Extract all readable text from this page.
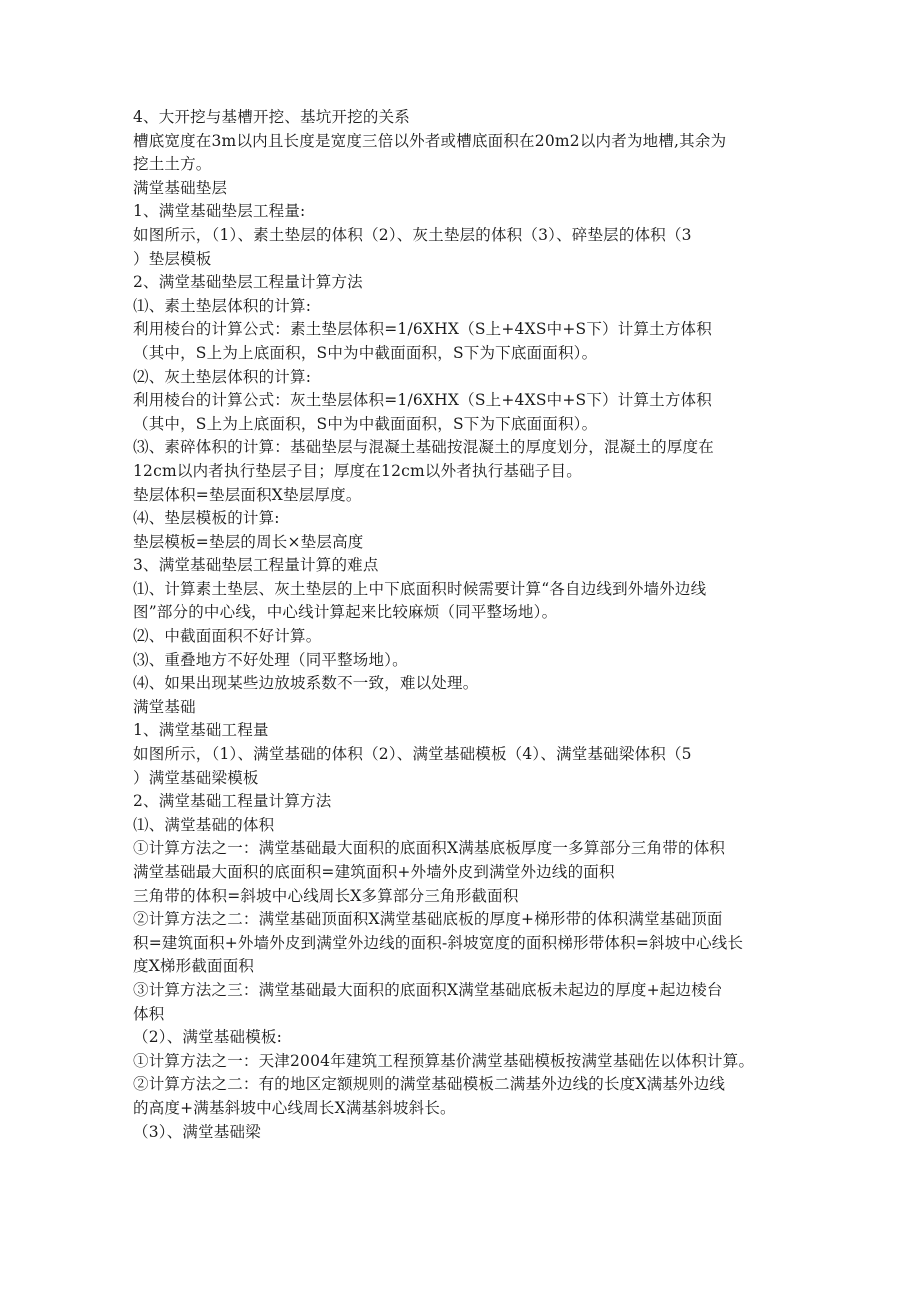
4、大开挖与基槽开挖、基坑开挖的关系
槽底宽度在3m以内且长度是宽度三倍以外者或槽底面积在20m2以内者为地槽,其余为
挖土土方。
满堂基础垫层
1、满堂基础垫层工程量:
如图所示，（1）、素土垫层的体积（2）、灰土垫层的体积（3）、碎垫层的体积（3
）垫层模板
2、满堂基础垫层工程量计算方法
⑴、素土垫层体积的计算:
利用棱台的计算公式：素土垫层体积=1/6XHX（S上+4XS中+S下）计算土方体积
（其中，S上为上底面积，S中为中截面面积，S下为下底面面积）。
⑵、灰土垫层体积的计算:
利用棱台的计算公式：灰土垫层体积=1/6XHX（S上+4XS中+S下）计算土方体积
（其中，S上为上底面积，S中为中截面面积，S下为下底面面积）。
⑶、素碎体积的计算：基础垫层与混凝土基础按混凝土的厚度划分，混凝土的厚度在
12cm以内者执行垫层子目；厚度在12cm以外者执行基础子目。
垫层体积=垫层面积X垫层厚度。
⑷、垫层模板的计算:
垫层模板=垫层的周长×垫层高度
3、满堂基础垫层工程量计算的难点
⑴、计算素土垫层、灰土垫层的上中下底面积时候需要计算“各自边线到外墙外边线
图”部分的中心线，中心线计算起来比较麻烦（同平整场地）。
⑵、中截面面积不好计算。
⑶、重叠地方不好处理（同平整场地）。
⑷、如果出现某些边放坡系数不一致，难以处理。
满堂基础
1、满堂基础工程量
如图所示，（1）、满堂基础的体积（2）、满堂基础模板（4）、满堂基础梁体积（5
）满堂基础梁模板
2、满堂基础工程量计算方法
⑴、满堂基础的体积
①计算方法之一：满堂基础最大面积的底面积X满基底板厚度一多算部分三角带的体积
满堂基础最大面积的底面积=建筑面积+外墙外皮到满堂外边线的面积
三角带的体积=斜坡中心线周长X多算部分三角形截面积
②计算方法之二：满堂基础顶面积X满堂基础底板的厚度+梯形带的体积满堂基础顶面
积=建筑面积+外墙外皮到满堂外边线的面积-斜坡宽度的面积梯形带体积=斜坡中心线长
度X梯形截面面积
③计算方法之三：满堂基础最大面积的底面积X满堂基础底板未起边的厚度+起边棱台
体积
（2）、满堂基础模板:
①计算方法之一：天津2004年建筑工程预算基价满堂基础模板按满堂基础佐以体积计算。
②计算方法之二：有的地区定额规则的满堂基础模板二满基外边线的长度X满基外边线
的高度+满基斜坡中心线周长X满基斜坡斜长。
（3）、满堂基础梁
